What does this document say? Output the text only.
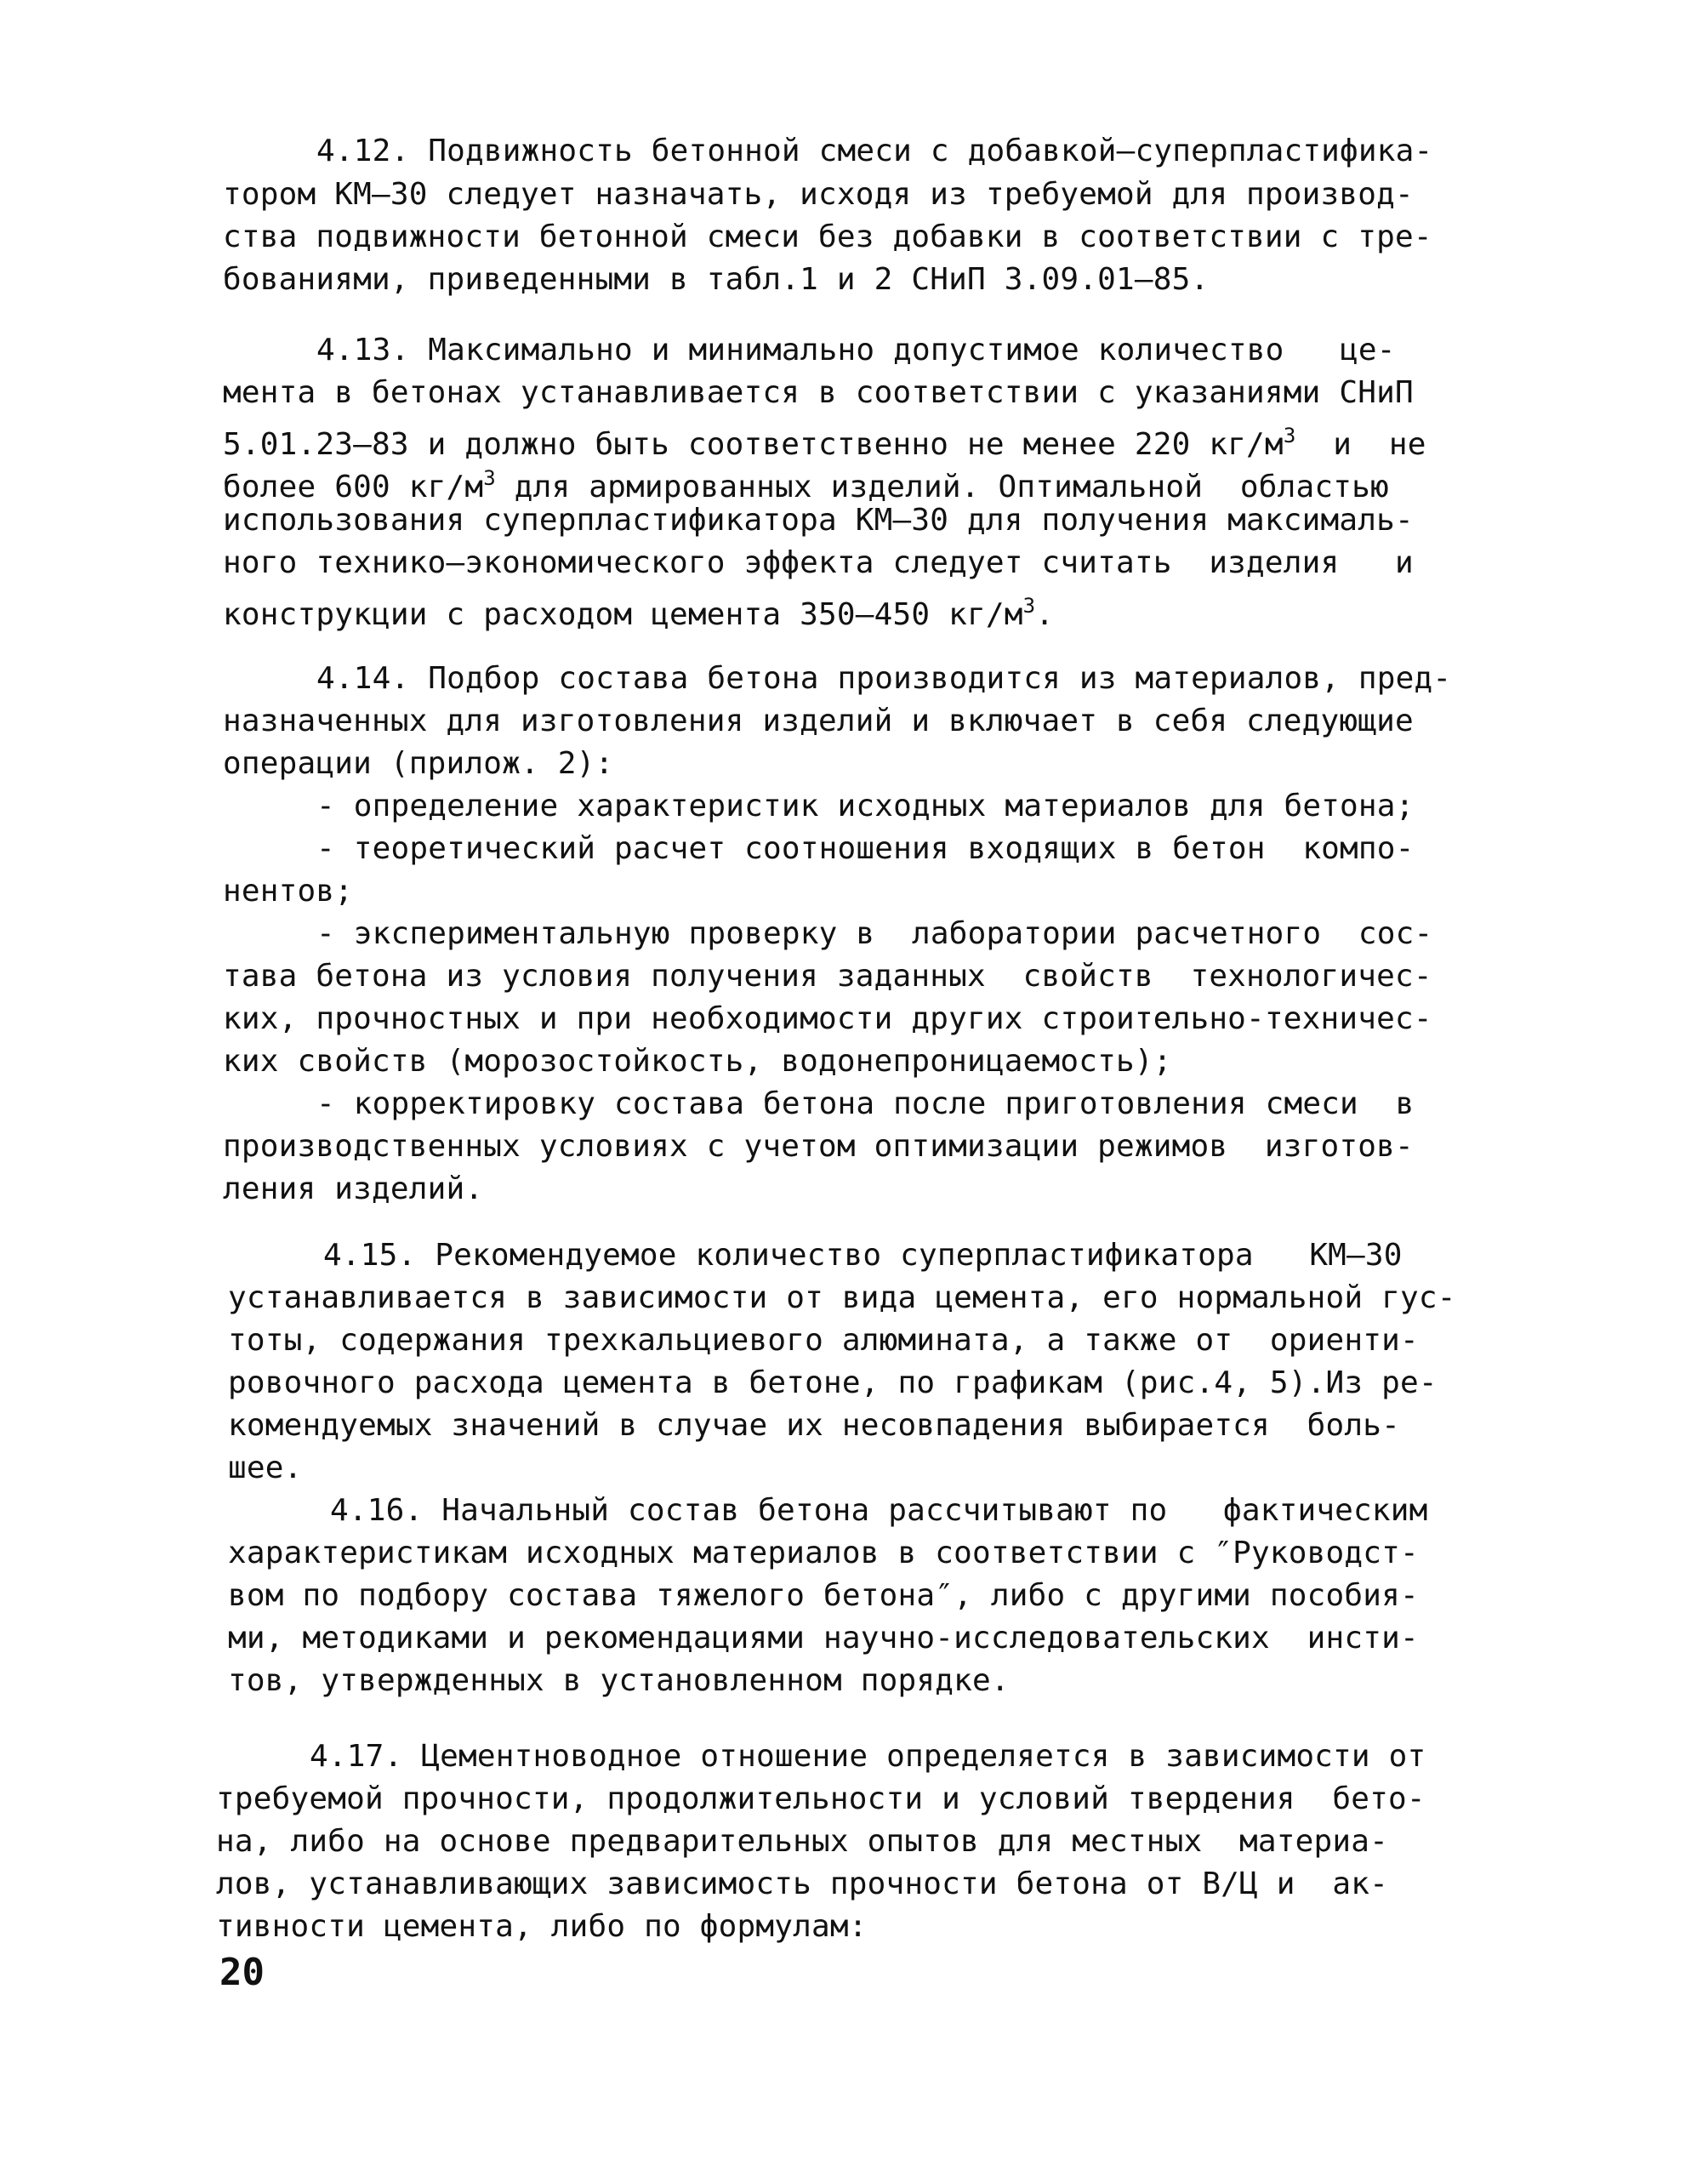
4.12. Подвижность бетонной смеси с добавкой–суперпластифика-
тором КМ–30 следует назначать, исходя из требуемой для производ-
ства подвижности бетонной смеси без добавки в соответствии с тре-
бованиями, приведенными в табл.1 и 2 СНиП 3.09.01–85.
4.13. Максимально и минимально допустимое количество   це-
мента в бетонах устанавливается в соответствии с указаниями СНиП
5.01.23–83 и должно быть соответственно не менее 220 $кг/м^3$  и  не
более 600 $кг/м^3$ для армированных изделий. Оптимальной  областью
использования суперпластификатора КМ–30 для получения максималь-
ного технико–экономического эффекта следует считать  изделия   и
конструкции с расходом цемента 350–450 $кг/м^3$.
4.14. Подбор состава бетона производится из материалов, пред-
назначенных для изготовления изделий и включает в себя следующие
операции (прилож. 2):
- определение характеристик исходных материалов для бетона;
- теоретический расчет соотношения входящих в бетон  компо-
нентов;
- экспериментальную проверку в  лаборатории расчетного  сос-
тава бетона из условия получения заданных  свойств  технологичес-
ких, прочностных и при необходимости других строительно-техничес-
ких свойств (морозостойкость, водонепроницаемость);
- корректировку состава бетона после приготовления смеси  в
производственных условиях с учетом оптимизации режимов  изготов-
ления изделий.
4.15. Рекомендуемое количество суперпластификатора   КМ–30
устанавливается в зависимости от вида цемента, его нормальной гус-
тоты, содержания трехкальциевого алюмината, а также от  ориенти-
ровочного расхода цемента в бетоне, по графикам (рис.4, 5).Из ре-
комендуемых значений в случае их несовпадения выбирается  боль-
шее.
4.16. Начальный состав бетона рассчитывают по   фактическим
характеристикам исходных материалов в соответствии с ″Руководст-
вом по подбору состава тяжелого бетона″, либо с другими пособия-
ми, методиками и рекомендациями научно-исследовательских  инсти-
тов, утвержденных в установленном порядке.
4.17. Цементноводное отношение определяется в зависимости от
требуемой прочности, продолжительности и условий твердения  бето-
на, либо на основе предварительных опытов для местных  материа-
лов, устанавливающих зависимость прочности бетона от В/Ц и  ак-
тивности цемента, либо по формулам:
20
